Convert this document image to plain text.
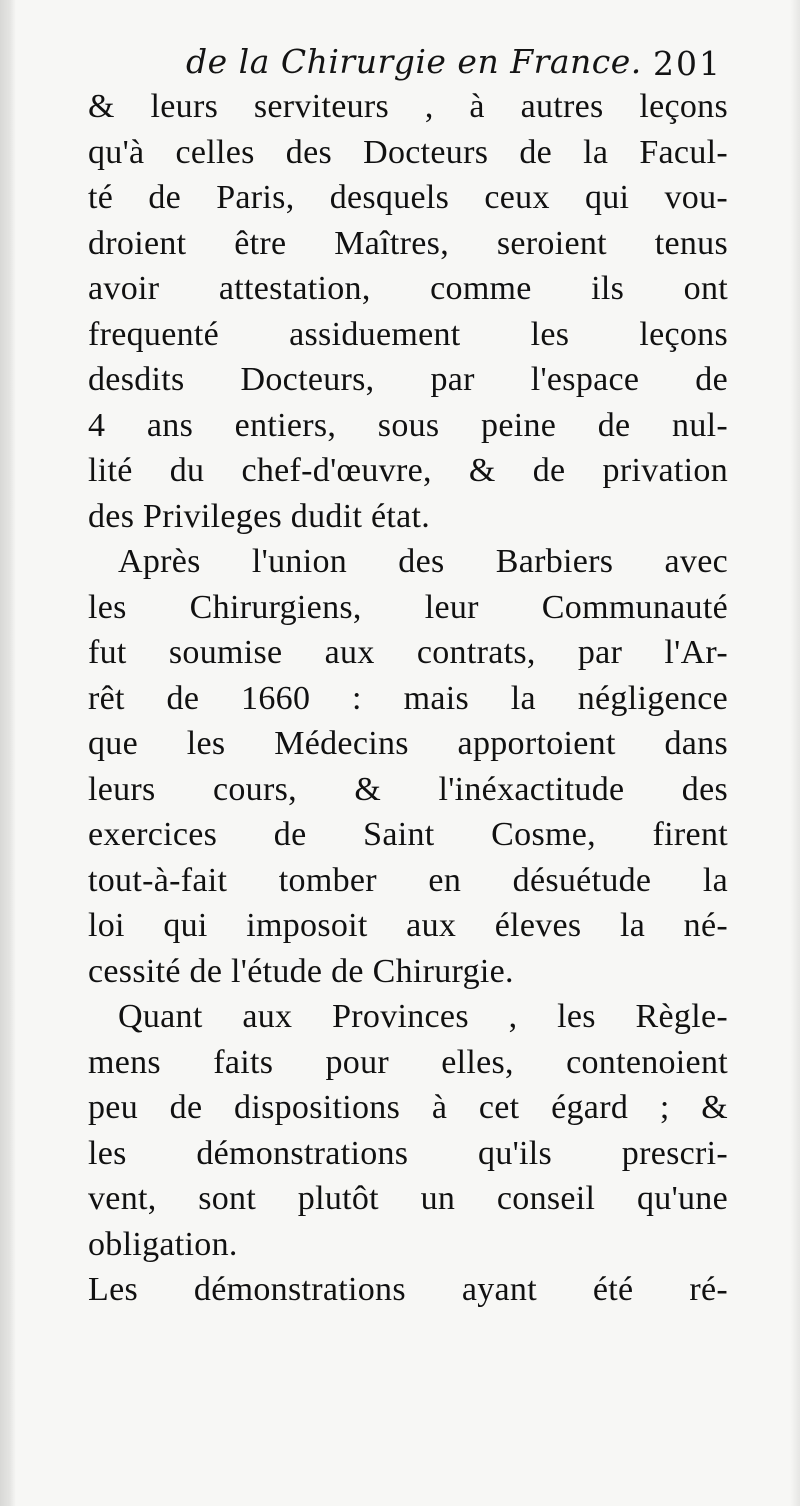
de la Chirurgie en France. 201
& leurs serviteurs , à autres leçons
qu'à celles des Docteurs de la Facul-
té de Paris, desquels ceux qui vou-
droient être Maîtres, seroient tenus
avoir attestation, comme ils ont
frequenté assiduement les leçons
desdits Docteurs, par l'espace de
4 ans entiers, sous peine de nul-
lité du chef-d'œuvre, & de privation
des Privileges dudit état.
Après l'union des Barbiers avec
les Chirurgiens, leur Communauté
fut soumise aux contrats, par l'Ar-
rêt de 1660 : mais la négligence
que les Médecins apportoient dans
leurs cours, & l'inéxactitude des
exercices de Saint Cosme, firent
tout-à-fait tomber en désuétude la
loi qui imposoit aux éleves la né-
cessité de l'étude de Chirurgie.
Quant aux Provinces , les Règle-
mens faits pour elles, contenoient
peu de dispositions à cet égard ; &
les démonstrations qu'ils prescri-
vent, sont plutôt un conseil qu'une
obligation.
Les démonstrations ayant été ré-
